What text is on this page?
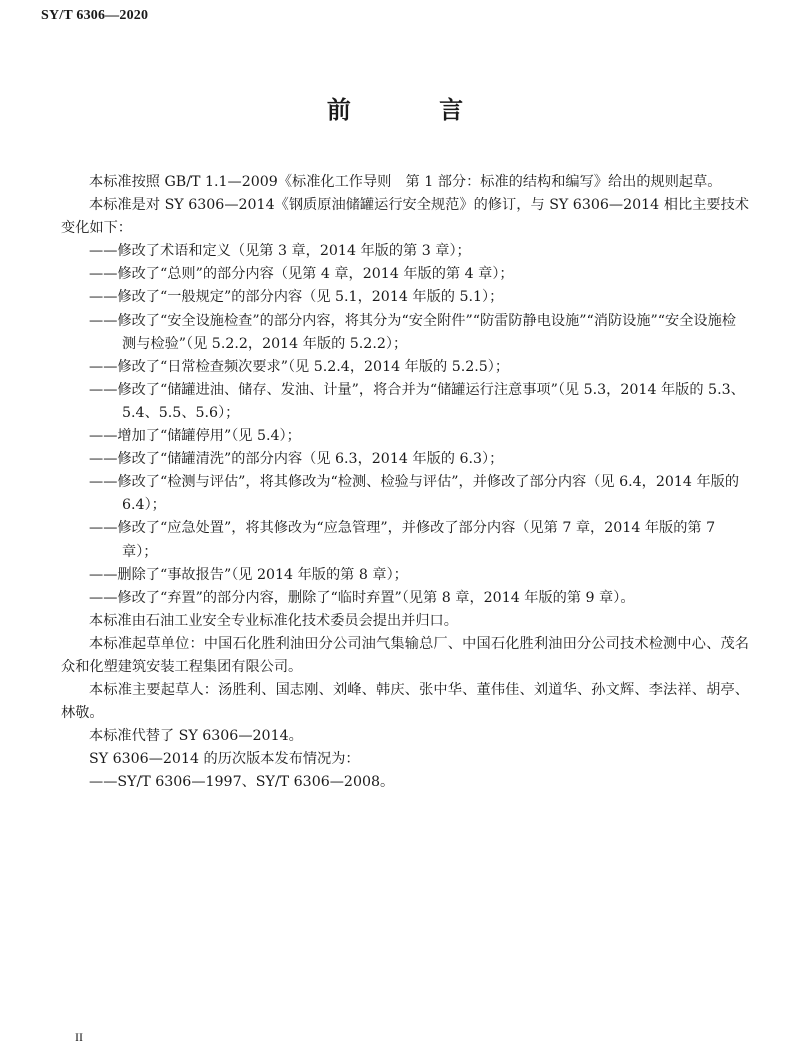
SY/T 6306—2020
前 言

本标准按照 GB/T 1.1—2009《标准化工作导则　第 1 部分：标准的结构和编写》给出的规则起草。

本标准是对 SY 6306—2014《钢质原油储罐运行安全规范》的修订，与 SY 6306—2014 相比主要技术变化如下：

——修改了术语和定义（见第 3 章，2014 年版的第 3 章）；

——修改了“总则”的部分内容（见第 4 章，2014 年版的第 4 章）；

——修改了“一般规定”的部分内容（见 5.1，2014 年版的 5.1）；

——修改了“安全设施检查”的部分内容，将其分为“安全附件”“防雷防静电设施”“消防设施”“安全设施检测与检验”（见 5.2.2，2014 年版的 5.2.2）；

——修改了“日常检查频次要求”（见 5.2.4，2014 年版的 5.2.5）；

——修改了“储罐进油、储存、发油、计量”，将合并为“储罐运行注意事项”（见 5.3，2014 年版的 5.3、5.4、5.5、5.6）；

——增加了“储罐停用”（见 5.4）；

——修改了“储罐清洗”的部分内容（见 6.3，2014 年版的 6.3）；

——修改了“检测与评估”，将其修改为“检测、检验与评估”，并修改了部分内容（见 6.4，2014 年版的 6.4）；

——修改了“应急处置”，将其修改为“应急管理”，并修改了部分内容（见第 7 章，2014 年版的第 7 章）；

——删除了“事故报告”（见 2014 年版的第 8 章）；

——修改了“弃置”的部分内容，删除了“临时弃置”（见第 8 章，2014 年版的第 9 章）。

本标准由石油工业安全专业标准化技术委员会提出并归口。

本标准起草单位：中国石化胜利油田分公司油气集输总厂、中国石化胜利油田分公司技术检测中心、茂名众和化塑建筑安装工程集团有限公司。

本标准主要起草人：汤胜利、国志刚、刘峰、韩庆、张中华、董伟佳、刘道华、孙文辉、李法祥、胡亭、林敬。

本标准代替了 SY 6306—2014。

SY 6306—2014 的历次版本发布情况为：

——SY/T 6306—1997、SY/T 6306—2008。

II
